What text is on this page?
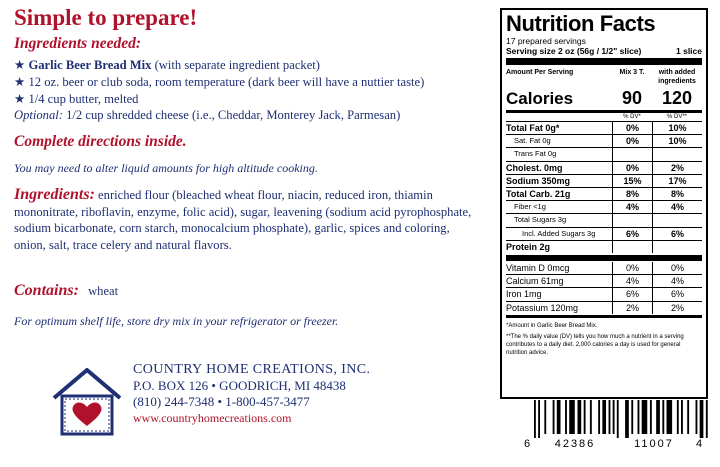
Simple to prepare!
Ingredients needed:
★ Garlic Beer Bread Mix (with separate ingredient packet)
★ 12 oz. beer or club soda, room temperature (dark beer will have a nuttier taste)
★ 1/4 cup butter, melted
Optional: 1/2 cup shredded cheese (i.e., Cheddar, Monterey Jack, Parmesan)
Complete directions inside.
You may need to alter liquid amounts for high altitude cooking.
Ingredients: enriched flour (bleached wheat flour, niacin, reduced iron, thiamin mononitrate, riboflavin, enzyme, folic acid), sugar, leavening (sodium acid pyrophosphate, sodium bicarbonate, corn starch, monocalcium phosphate), garlic, spices and coloring, onion, salt, trace celery and natural flavors.
Contains: wheat
For optimum shelf life, store dry mix in your refrigerator or freezer.
COUNTRY HOME CREATIONS, INC.
P.O. BOX 126 • GOODRICH, MI 48438
(810) 244-7348 • 1-800-457-3477
www.countryhomecreations.com
Nutrition Facts
17 prepared servings
Serving size 2 oz (56g / 1/2" slice)	1 slice
Amount Per Serving	Mix 3 T.	with added ingredients
Calories	90	120
% DV*	% DV**
Total Fat 0g*	0%	10%
Sat. Fat 0g	0%	10%
Trans Fat 0g
Cholest. 0mg	0%	2%
Sodium 350mg	15%	17%
Total Carb. 21g	8%	8%
Fiber <1g	4%	4%
Total Sugars 3g
Incl. Added Sugars 3g	6%	6%
Protein 2g
Vitamin D 0mcg	0%	0%
Calcium 61mg	4%	4%
Iron 1mg	6%	6%
Potassium 120mg	2%	2%
*Amount in Garlic Beer Bread Mix.
**The % daily value (DV) tells you how much a nutrient in a serving contributes to a daily diet. 2,000 calories a day is used for general nutrition advice.
6	42386	11007	4
